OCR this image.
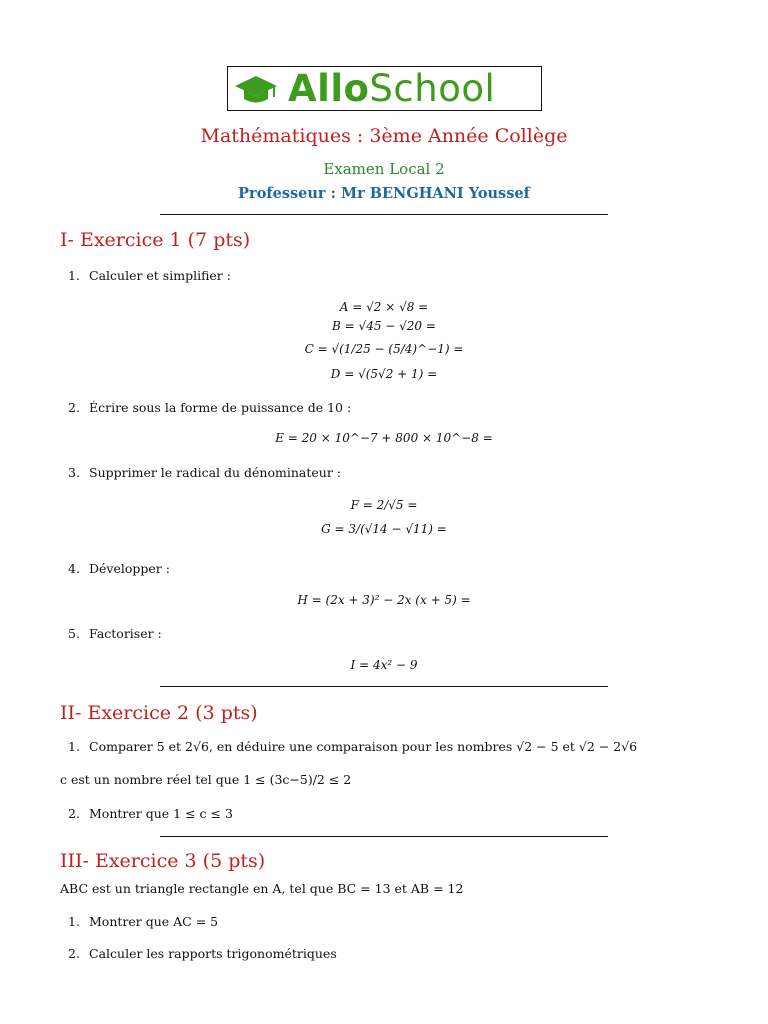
AlloSchool
Mathématiques : 3ème Année Collège
Examen Local 2
Professeur : Mr BENGHANI Youssef
I- Exercice 1 (7 pts)
1. Calculer et simplifier :
A = √2 × √8 =
B = √45 − √20 =
C = √(1/25 − (5/4)^−1) =
D = √(5√2 + 1) =
2. Écrire sous la forme de puissance de 10 :
E = 20 × 10^−7 + 800 × 10^−8 =
3. Supprimer le radical du dénominateur :
F = 2/√5 =
G = 3/(√14 − √11) =
4. Développer :
H = (2x + 3)² − 2x (x + 5) =
5. Factoriser :
I = 4x² − 9
II- Exercice 2 (3 pts)
1. Comparer 5 et 2√6, en déduire une comparaison pour les nombres √2 − 5 et √2 − 2√6
c est un nombre réel tel que 1 ≤ (3c−5)/2 ≤ 2
2. Montrer que 1 ≤ c ≤ 3
III- Exercice 3 (5 pts)
ABC est un triangle rectangle en A, tel que BC = 13 et AB = 12
1. Montrer que AC = 5
2. Calculer les rapports trigonométriques
